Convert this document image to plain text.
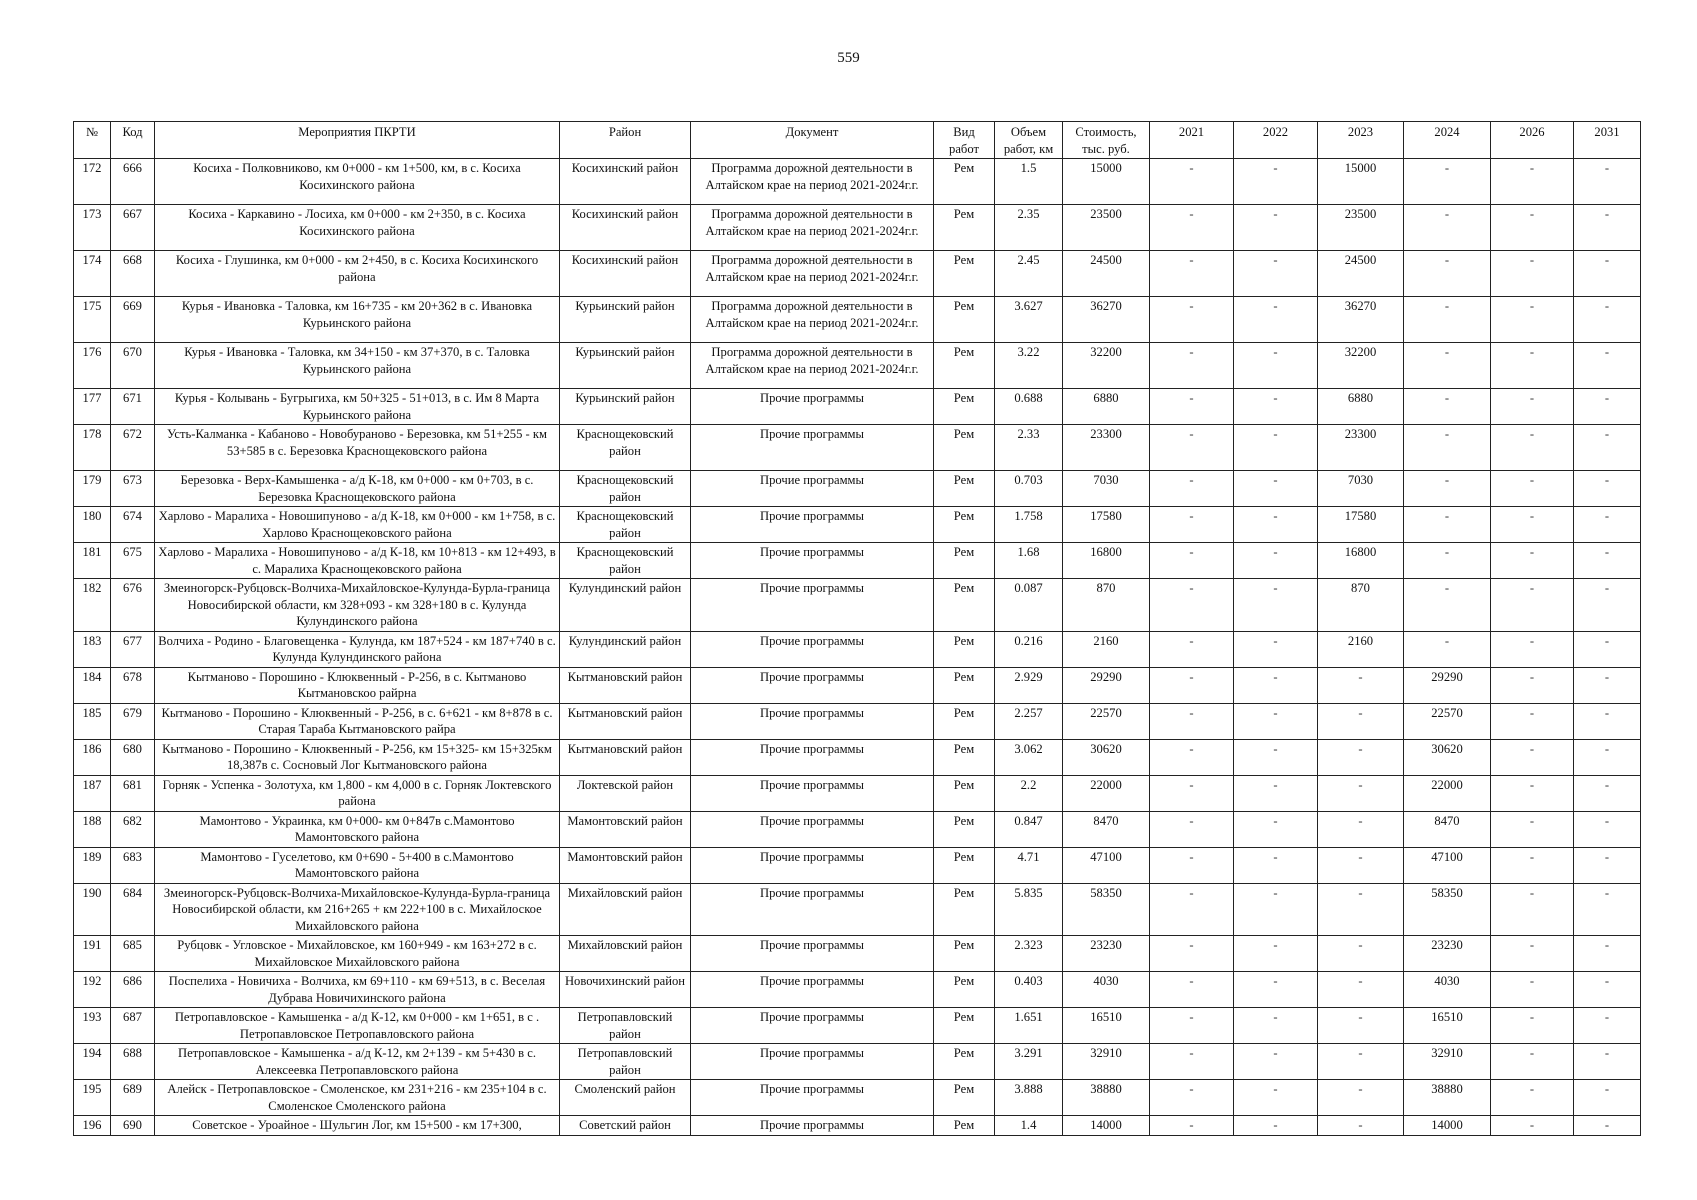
559
№	Код	Мероприятия ПКРТИ	Район	Документ	Вид работ	Объем работ, км	Стоимость, тыс. руб.	2021	2022	2023	2024	2026	2031
172	666	Косиха - Полковниково, км 0+000 - км 1+500, км, в с. Косиха Косихинского района	Косихинский район	Программа дорожной деятельности в Алтайском крае на период 2021-2024г.г.	Рем	1.5	15000	-	-	15000	-	-	-
173	667	Косиха - Каркавино - Лосиха, км 0+000 - км 2+350, в с. Косиха Косихинского района	Косихинский район	Программа дорожной деятельности в Алтайском крае на период 2021-2024г.г.	Рем	2.35	23500	-	-	23500	-	-	-
174	668	Косиха - Глушинка, км 0+000 - км 2+450, в с. Косиха Косихинского района	Косихинский район	Программа дорожной деятельности в Алтайском крае на период 2021-2024г.г.	Рем	2.45	24500	-	-	24500	-	-	-
175	669	Курья - Ивановка - Таловка, км 16+735 - км 20+362 в с. Ивановка Курьинского района	Курьинский район	Программа дорожной деятельности в Алтайском крае на период 2021-2024г.г.	Рем	3.627	36270	-	-	36270	-	-	-
176	670	Курья - Ивановка - Таловка, км 34+150 - км 37+370, в с. Таловка Курьинского района	Курьинский район	Программа дорожной деятельности в Алтайском крае на период 2021-2024г.г.	Рем	3.22	32200	-	-	32200	-	-	-
177	671	Курья - Колывань - Бугрыгиха, км 50+325 - 51+013, в с. Им 8 Марта Курьинского района	Курьинский район	Прочие программы	Рем	0.688	6880	-	-	6880	-	-	-
178	672	Усть-Калманка - Кабаново - Новобураново - Березовка, км 51+255 - км 53+585 в с. Березовка Краснощековского района	Краснощековский район	Прочие программы	Рем	2.33	23300	-	-	23300	-	-	-
179	673	Березовка - Верх-Камышенка - а/д К-18, км 0+000 - км 0+703, в с. Березовка Краснощековского района	Краснощековский район	Прочие программы	Рем	0.703	7030	-	-	7030	-	-	-
180	674	Харлово - Маралиха - Новошипуново - а/д К-18, км 0+000 - км 1+758, в с. Харлово Краснощековского района	Краснощековский район	Прочие программы	Рем	1.758	17580	-	-	17580	-	-	-
181	675	Харлово - Маралиха - Новошипуново - а/д К-18, км 10+813 - км 12+493, в с. Маралиха Краснощековского района	Краснощековский район	Прочие программы	Рем	1.68	16800	-	-	16800	-	-	-
182	676	Змеиногорск-Рубцовск-Волчиха-Михайловское-Кулунда-Бурла-граница Новосибирской области, км 328+093 - км 328+180 в с. Кулунда Кулундинского района	Кулундинский район	Прочие программы	Рем	0.087	870	-	-	870	-	-	-
183	677	Волчиха - Родино - Благовещенка - Кулунда, км 187+524 - км 187+740 в с. Кулунда Кулундинского района	Кулундинский район	Прочие программы	Рем	0.216	2160	-	-	2160	-	-	-
184	678	Кытманово - Порошино - Клюквенный - Р-256, в с. Кытманово Кытмановскоо райрна	Кытмановский район	Прочие программы	Рем	2.929	29290	-	-	-	29290	-	-
185	679	Кытманово - Порошино - Клюквенный - Р-256, в с. 6+621 - км 8+878 в с. Старая Тараба Кытмановского райра	Кытмановский район	Прочие программы	Рем	2.257	22570	-	-	-	22570	-	-
186	680	Кытманово - Порошино - Клюквенный - Р-256, км 15+325- км 15+325км 18,387в с. Сосновый Лог Кытмановского района	Кытмановский район	Прочие программы	Рем	3.062	30620	-	-	-	30620	-	-
187	681	Горняк - Успенка - Золотуха, км 1,800 - км 4,000 в с. Горняк Локтевского района	Локтевской район	Прочие программы	Рем	2.2	22000	-	-	-	22000	-	-
188	682	Мамонтово - Украинка, км 0+000- км 0+847в с.Мамонтово Мамонтовского района	Мамонтовский район	Прочие программы	Рем	0.847	8470	-	-	-	8470	-	-
189	683	Мамонтово - Гуселетово, км 0+690 - 5+400 в с.Мамонтово Мамонтовского района	Мамонтовский район	Прочие программы	Рем	4.71	47100	-	-	-	47100	-	-
190	684	Змеиногорск-Рубцовск-Волчиха-Михайловское-Кулунда-Бурла-граница Новосибирской области, км 216+265 + км 222+100 в с. Михайлоское Михайловского района	Михайловский район	Прочие программы	Рем	5.835	58350	-	-	-	58350	-	-
191	685	Рубцовк - Угловское - Михайловское, км 160+949 - км 163+272 в с. Михайловское Михайловского района	Михайловский район	Прочие программы	Рем	2.323	23230	-	-	-	23230	-	-
192	686	Поспелиха - Новичиха - Волчиха, км 69+110 - км 69+513, в с. Веселая Дубрава Новичихинского района	Новочихинский район	Прочие программы	Рем	0.403	4030	-	-	-	4030	-	-
193	687	Петропавловское - Камышенка - а/д К-12, км 0+000 - км 1+651, в с . Петропавловское Петропавловского района	Петропавловский район	Прочие программы	Рем	1.651	16510	-	-	-	16510	-	-
194	688	Петропавловское - Камышенка - а/д К-12, км 2+139 - км 5+430 в с. Алексеевка Петропавловского района	Петропавловский район	Прочие программы	Рем	3.291	32910	-	-	-	32910	-	-
195	689	Алейск - Петропавловское - Смоленское, км 231+216 - км 235+104 в с. Смоленское Смоленского района	Смоленский район	Прочие программы	Рем	3.888	38880	-	-	-	38880	-	-
196	690	Советское - Уроайное - Шульгин Лог, км 15+500 - км 17+300,	Советский район	Прочие программы	Рем	1.4	14000	-	-	-	14000	-	-
